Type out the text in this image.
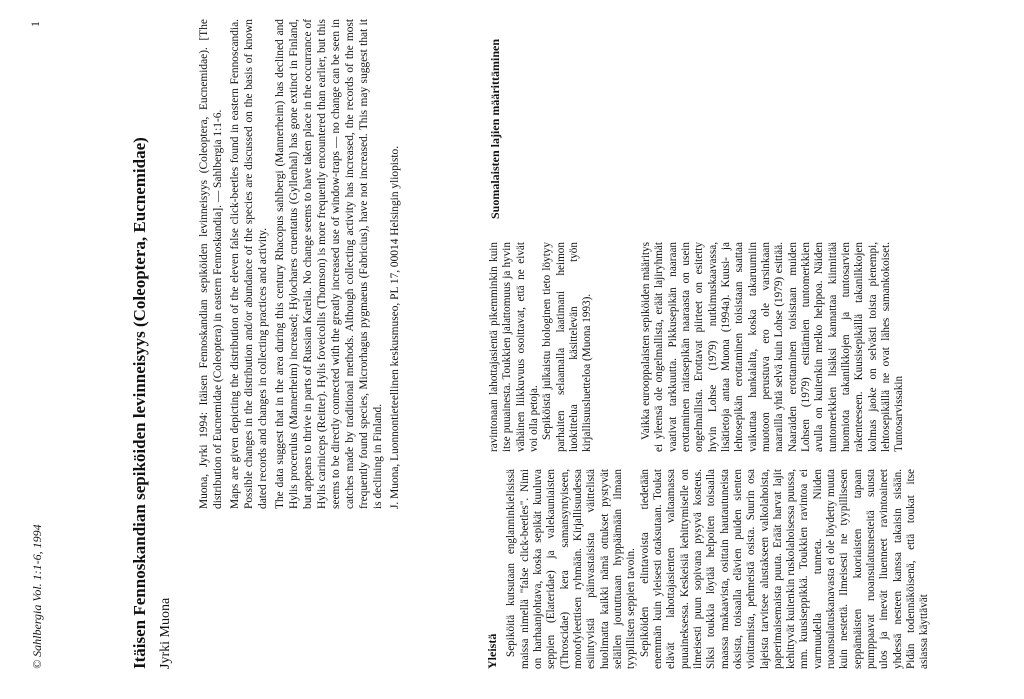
© Sahlbergia Vol. 1:1-6, 1994
1
Itäisen Fennoskandian sepiköiden levinneisyys (Coleoptera, Eucnemidae) Jyrki Muona

Muona, Jyrki 1994: Itäisen Fennoskandian sepiköiden levinneisyys (Coleoptera, Eucnemidae). [The distribution of Eucnemidae (Coleoptera) in eastern Fennoskandia]. — Sahlbergia 1:1-6. Maps are given depicting the distribution of the eleven false click-beetles found in eastern Fennoscandia. Possible changes in the distribution and/or abundance of the species are discussed on the basis of known dated records and changes in collecting practices and activity. The data suggest that in the area during this century Rhacopus sahlbergi (Mannerheim) has declined and Hylis procerulus (Mannerheim) increased; Hylochares cruentatus (Gyllenhal) has gone extinct in Finland, but appears to thrive in parts of Russian Karelia. No change seems to have taken place in the occurrance of Hylis cariniceps (Reitter). Hylis foveicollis (Thomson) is more frequently encountered than earlier, but this seems to be directly connected with the greatly increased use of window-traps — no change can be seen in catches made by traditional methods. Although collecting activity has increased, the records of the most frequently found species, Microrhagus pygmaeus (Fabricius), have not increased. This may suggest that it is declining in Finland. J. Muona, Luonnontieteellinen keskusmuseo, PL 17, 00014 Helsingin yliopisto.

Yleistä Sepiköitä kutsutaan englanninkielisissä maissa nimellä "false click-beetles". Nimi on harhaanjohtava, koska sepikät kuuluva seppien (Elateridae) ja valekauniaisten (Throscidae) kera samansyntyiseen, monofyleettisen ryhmään. Kirjallisuudessa esiintyvistä päinvastaisista väittelistä huolimatta kaikki nämä ottukset pystyvät selällen joututtuaan hyppäämään ilmaan tyypillisten seppien tavoin. Sepiköiden elintavoista tiedetään enemmän kuin yleisesti otaksutaan. Toukat elävät lahottajasienten valtaamassa puuaineksessa. Keskeisiä kehittymiselle on ilmeisesti puun sopivana pysyvä kosteus. Siksi toukkia löytää helpoiten toisaalla maassa makaavista, osittain hautautuneista oksista, toisaalla elävien puiden sienten vioittamista, pehmeistä osista. Suurin osa lajeista tarvitsee alustakseen valkolahoista, paperimaisemaista puuta. Eräät harvat lajit kehittyvät kuitenkin ruskolahoisessa puussa, mm. kuusiseppikkä. Toukkien ravintoa ei varmuudella tunneta. Niiden ruoansulatuskanavasta ei ole löydetty muuta kuin nestettä. Ilmeisesti ne tyypillisesen seppämäisten kuoriaisten tapaan pumppaavat ruoansulatusnesteitä suusta ulos ja imevät liuenneet ravintoaineet yhdessä nesteen kanssa takaisin sisään. Pidän todennäköisenä, että toukat itse asiassa käyttävät

ravintonaan lahottajasientä pikemminkin kuin itse puuainesta. Toukkien jalattomuus ja hyvin vähäinen liikkuvuus osoittavat, että ne eivät voi olla petoja. Sepiköistä julkaistu biologinen tieto löytyy parhaiten selaamalla laatimani heimon luokittelua käsittelevän työn kirjallisuusluetteloa (Muona 1993).

Suomalaisten lajien määrittäminen

Vaikka eurooppalaisten sepiköiden määritys ei yleensä ole ongelmallista, eräät lajiryhmät vaativat tarkkuutta. Pikkusepikän naaraan erottaminen raitasepikän naaraasta on usein ongelmallista. Erottavat piirteet on esitetty hyvin Lohse (1979) nutkimuskaavassa, lisätietoja antaa Muona (1994a). Kuusi- ja lehtosepikän erottaminen toisistaan saattaa vaikuttaa hankalalta, koska takaruumiin muotoon perustuva ero ole varsinkaan naarailla yhtä selvä kuin Lohse (1979) esittää. Naaraiden erottaminen toisistaan muiden Lohsen (1979) esittämien tuntomerkkien avulla on kuitenkin melko helppoa. Näiden tuntomerkkien lisäksi kannattaa kiinnittää huomiota takanilkkojen ja tuntosarvien rakenteeseen. Kuusisepikällä takanilkkojen kolmas jaoke on selvästi toista pienempi, lehtosepikällä ne ovat lähes samankokoiset. Tuntosarvissakin
